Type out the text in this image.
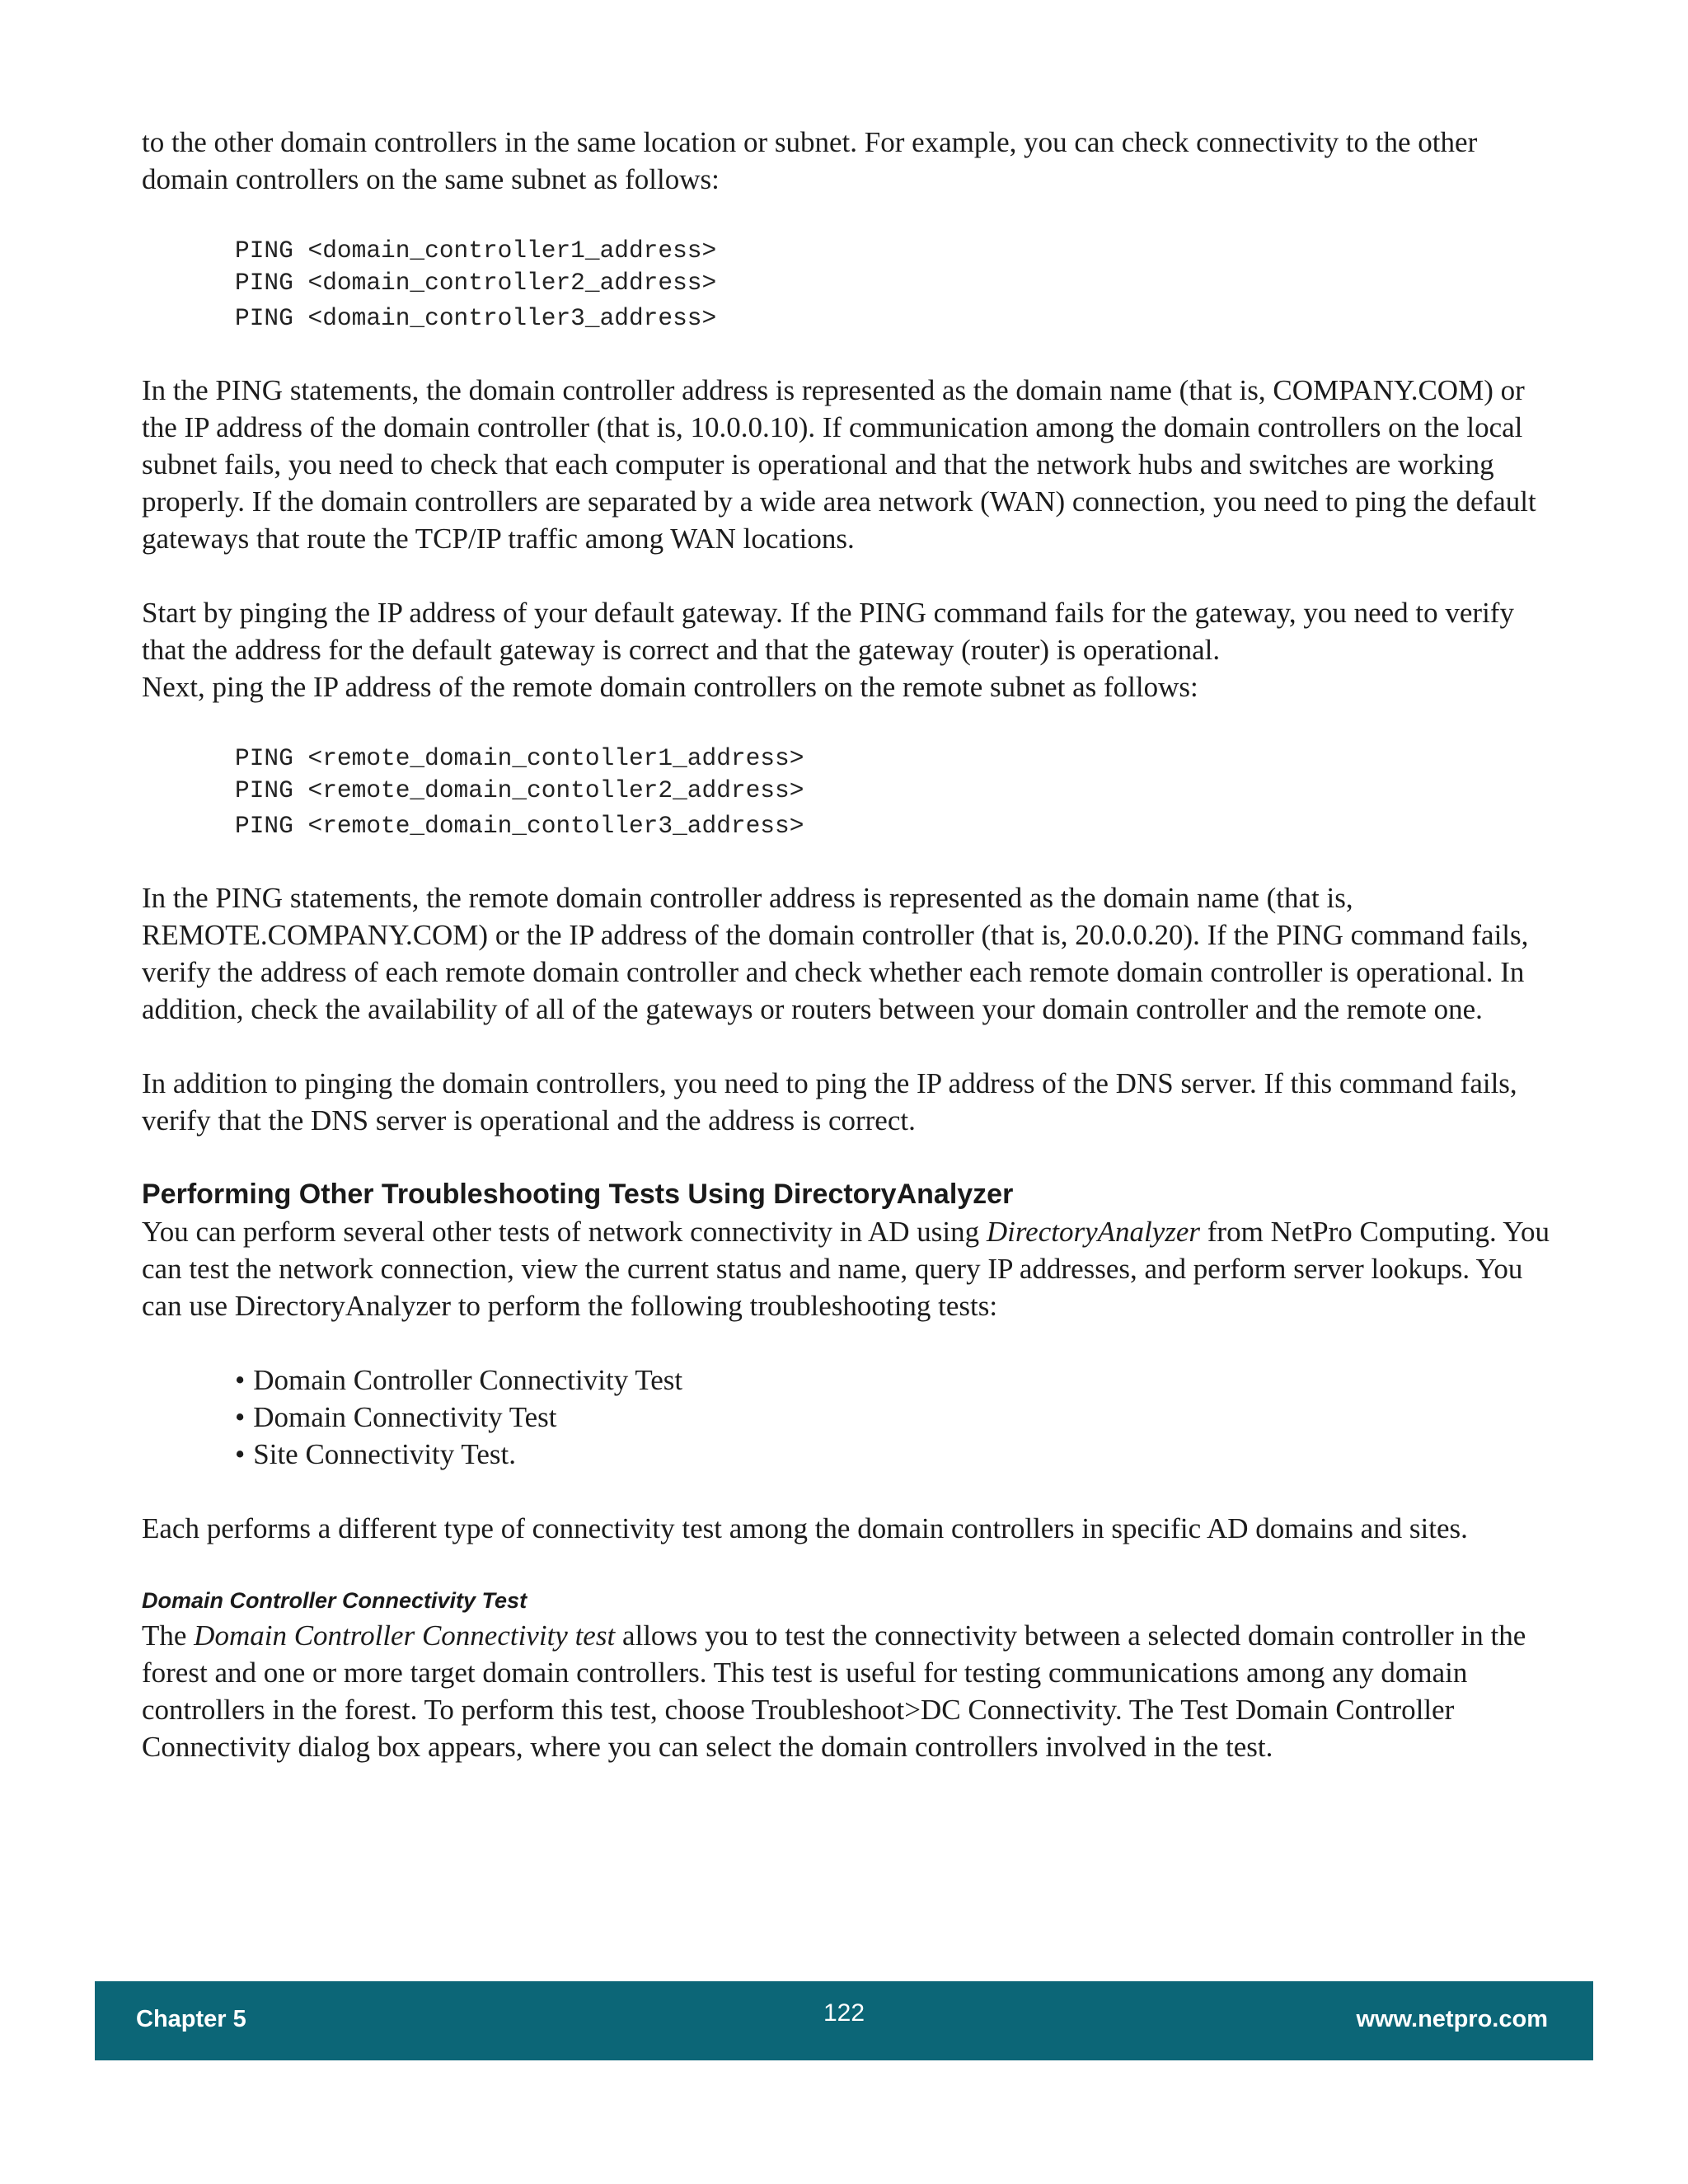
to the other domain controllers in the same location or subnet. For example, you can check connectivity to the other domain controllers on the same subnet as follows:

PING <domain_controller1_address>
PING <domain_controller2_address>
PING <domain_controller3_address>

In the PING statements, the domain controller address is represented as the domain name (that is, COMPANY.COM) or the IP address of the domain controller (that is, 10.0.0.10). If communication among the domain controllers on the local subnet fails, you need to check that each computer is operational and that the network hubs and switches are working properly. If the domain controllers are separated by a wide area network (WAN) connection, you need to ping the default gateways that route the TCP/IP traffic among WAN locations.

Start by pinging the IP address of your default gateway. If the PING command fails for the gateway, you need to verify that the address for the default gateway is correct and that the gateway (router) is operational.

Next, ping the IP address of the remote domain controllers on the remote subnet as follows:

PING <remote_domain_contoller1_address>
PING <remote_domain_contoller2_address>
PING <remote_domain_contoller3_address>

In the PING statements, the remote domain controller address is represented as the domain name (that is, REMOTE.COMPANY.COM) or the IP address of the domain controller (that is, 20.0.0.20). If the PING command fails, verify the address of each remote domain controller and check whether each remote domain controller is operational. In addition, check the availability of all of the gateways or routers between your domain controller and the remote one.

In addition to pinging the domain controllers, you need to ping the IP address of the DNS server. If this command fails, verify that the DNS server is operational and the address is correct.

Performing Other Troubleshooting Tests Using DirectoryAnalyzer

You can perform several other tests of network connectivity in AD using DirectoryAnalyzer from NetPro Computing. You can test the network connection, view the current status and name, query IP addresses, and perform server lookups. You can use DirectoryAnalyzer to perform the following troubleshooting tests:

• Domain Controller Connectivity Test
• Domain Connectivity Test
• Site Connectivity Test.

Each performs a different type of connectivity test among the domain controllers in specific AD domains and sites.

Domain Controller Connectivity Test

The Domain Controller Connectivity test allows you to test the connectivity between a selected domain controller in the forest and one or more target domain controllers. This test is useful for testing communications among any domain controllers in the forest. To perform this test, choose Troubleshoot>DC Connectivity. The Test Domain Controller Connectivity dialog box appears, where you can select the domain controllers involved in the test.

Chapter 5	122	www.netpro.com
